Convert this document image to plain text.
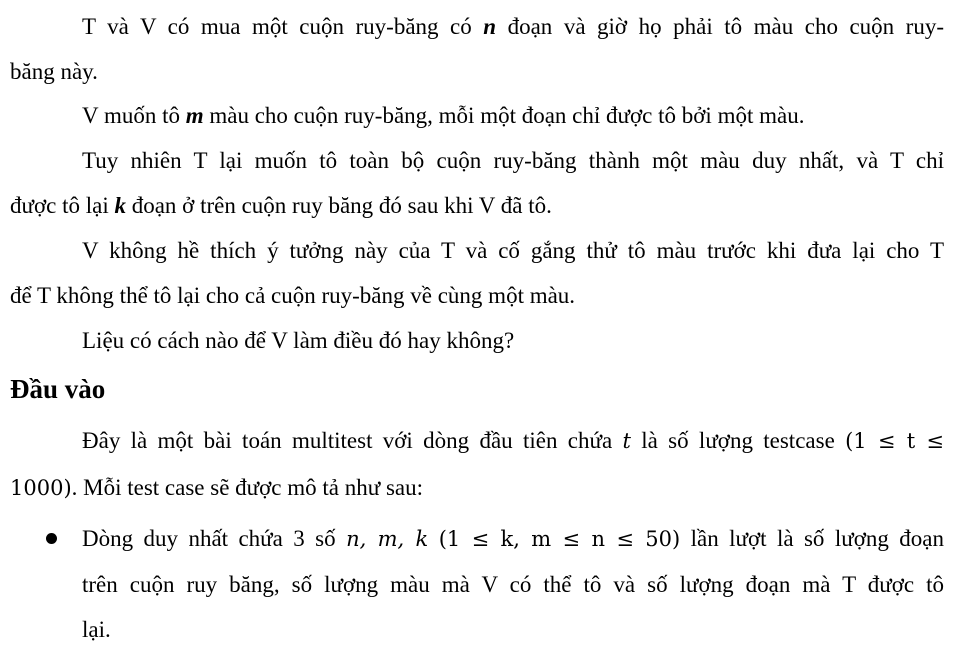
T và V có mua một cuộn ruy-băng có n đoạn và giờ họ phải tô màu cho cuộn ruy-
băng này.
V muốn tô m màu cho cuộn ruy-băng, mỗi một đoạn chỉ được tô bởi một màu.
Tuy nhiên T lại muốn tô toàn bộ cuộn ruy-băng thành một màu duy nhất, và T chỉ
được tô lại k đoạn ở trên cuộn ruy băng đó sau khi V đã tô.
V không hề thích ý tưởng này của T và cố gắng thử tô màu trước khi đưa lại cho T
để T không thể tô lại cho cả cuộn ruy-băng về cùng một màu.
Liệu có cách nào để V làm điều đó hay không?
Đầu vào
Đây là một bài toán multitest với dòng đầu tiên chứa t là số lượng testcase (1 ≤ t ≤
1000). Mỗi test case sẽ được mô tả như sau:
Dòng duy nhất chứa 3 số n, m, k (1 ≤ k, m ≤ n ≤ 50) lần lượt là số lượng đoạn
trên cuộn ruy băng, số lượng màu mà V có thể tô và số lượng đoạn mà T được tô
lại.
